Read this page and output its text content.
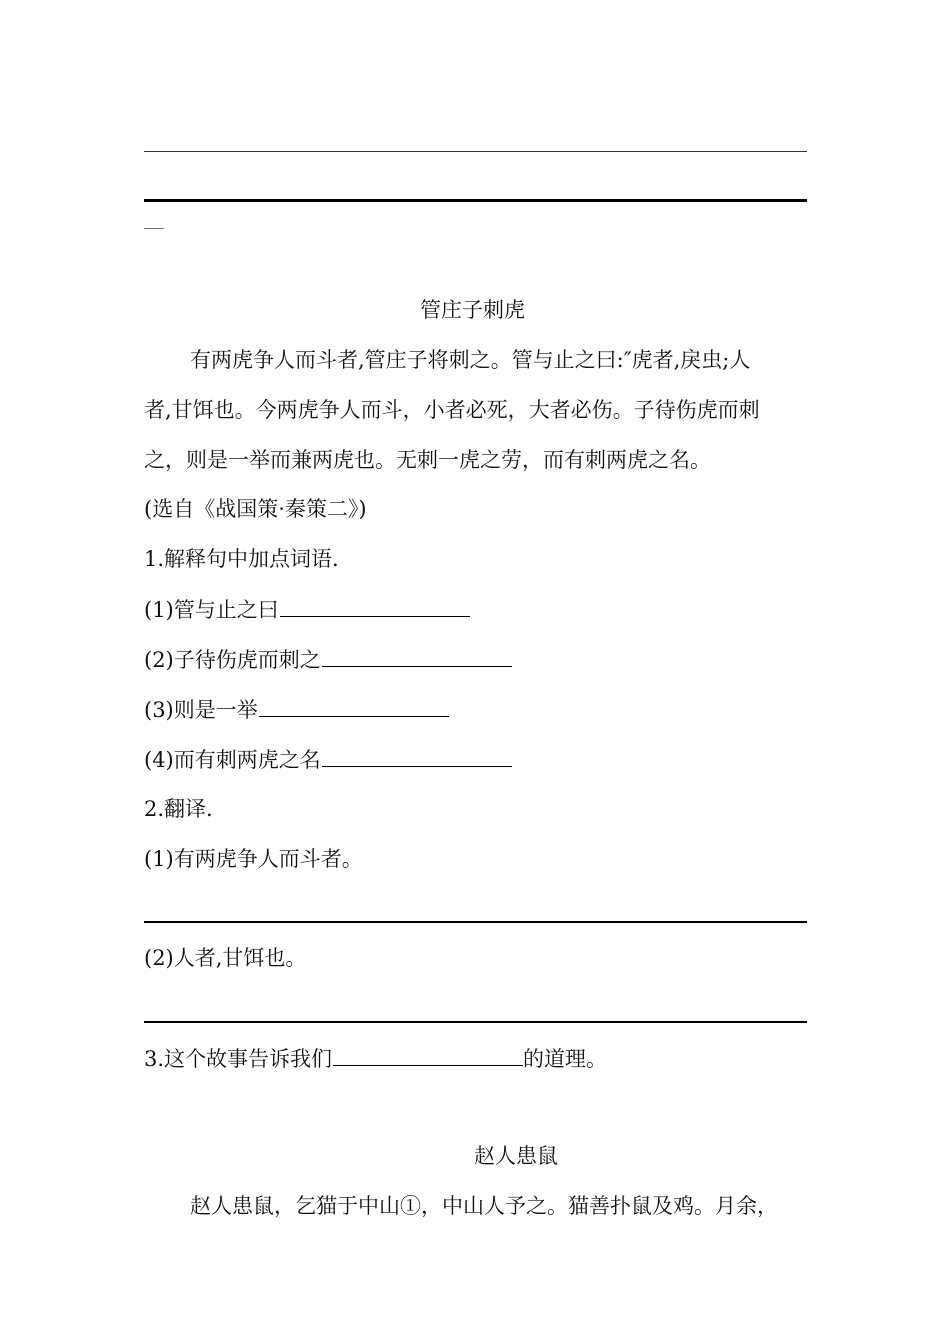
管庄子刺虎
有两虎争人而斗者,管庄子将刺之。管与止之曰:″虎者,戾虫;人
者,甘饵也。今两虎争人而斗，小者必死，大者必伤。子待伤虎而刺
之，则是一举而兼两虎也。无刺一虎之劳，而有刺两虎之名。
(选自《战国策·秦策二》)
1.解释句中加点词语.
(1)管与止之曰
(2)子待伤虎而刺之
(3)则是一举
(4)而有刺两虎之名
2.翻译.
(1)有两虎争人而斗者。
(2)人者,甘饵也。
3.这个故事告诉我们	的道理。
赵人患鼠
赵人患鼠，乞猫于中山①，中山人予之。猫善扑鼠及鸡。月余，
